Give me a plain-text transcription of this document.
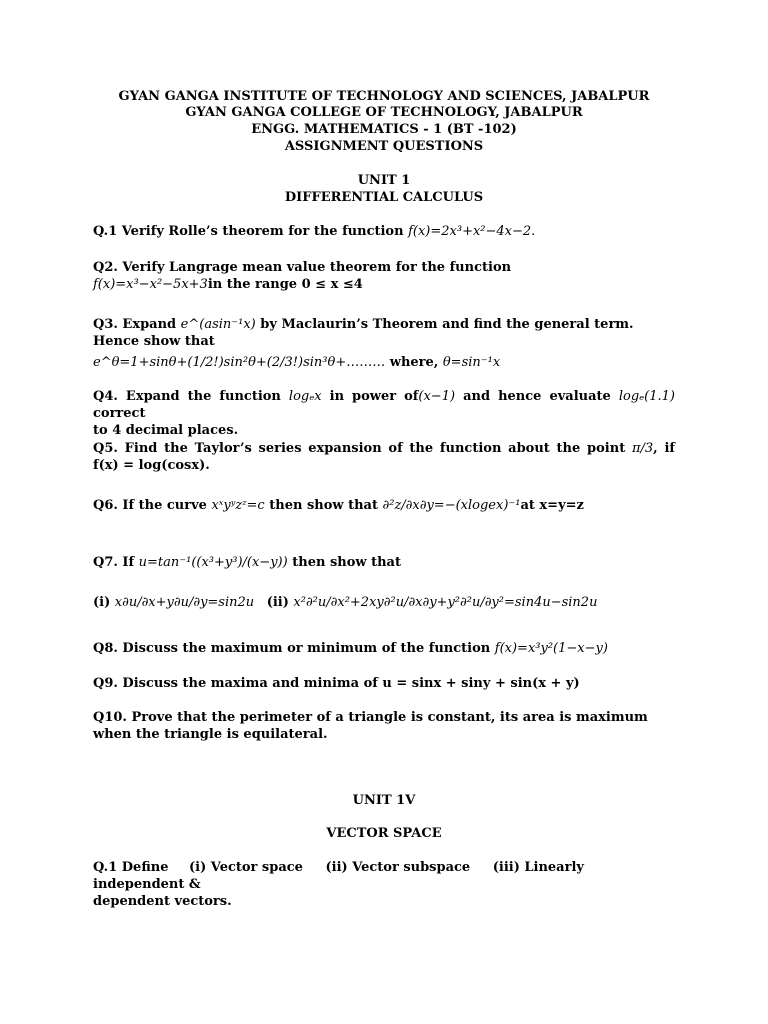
GYAN GANGA INSTITUTE OF TECHNOLOGY AND SCIENCES, JABALPUR
GYAN GANGA COLLEGE OF TECHNOLOGY, JABALPUR
ENGG. MATHEMATICS - 1 (BT -102)
ASSIGNMENT QUESTIONS
UNIT 1
DIFFERENTIAL CALCULUS
Q.1 Verify Rolle’s theorem for the function f(x)=2x³+x²−4x−2.
Q2. Verify Langrage mean value theorem for the function
f(x)=x³−x²−5x+3in the range 0 ≤ x ≤4
Q3. Expand e^(asin⁻¹x) by Maclaurin’s Theorem and find the general term. Hence show that
e^θ=1+sinθ+(1/2!)sin²θ+(2/3!)sin³θ+……… where, θ=sin⁻¹x
Q4. Expand the function logₑx in power of(x−1) and hence evaluate logₑ(1.1) correct
to 4 decimal places.
Q5. Find the Taylor’s series expansion of the function about the point π/3, if f(x) = log(cosx).
Q6. If the curve xˣyʸzᶻ=c then show that ∂²z/∂x∂y=−(xlogex)⁻¹at x=y=z
Q7. If u=tan⁻¹((x³+y³)/(x−y)) then show that
(i) x∂u/∂x+y∂u/∂y=sin2u (ii) x²∂²u/∂x²+2xy∂²u/∂x∂y+y²∂²u/∂y²=sin4u−sin2u
Q8. Discuss the maximum or minimum of the function f(x)=x³y²(1−x−y)
Q9. Discuss the maxima and minima of u = sinx + siny + sin(x + y)
Q10. Prove that the perimeter of a triangle is constant, its area is maximum when the triangle is equilateral.
UNIT 1V
VECTOR SPACE
Q.1 Define (i) Vector space (ii) Vector subspace (iii) Linearly independent &
dependent vectors.
